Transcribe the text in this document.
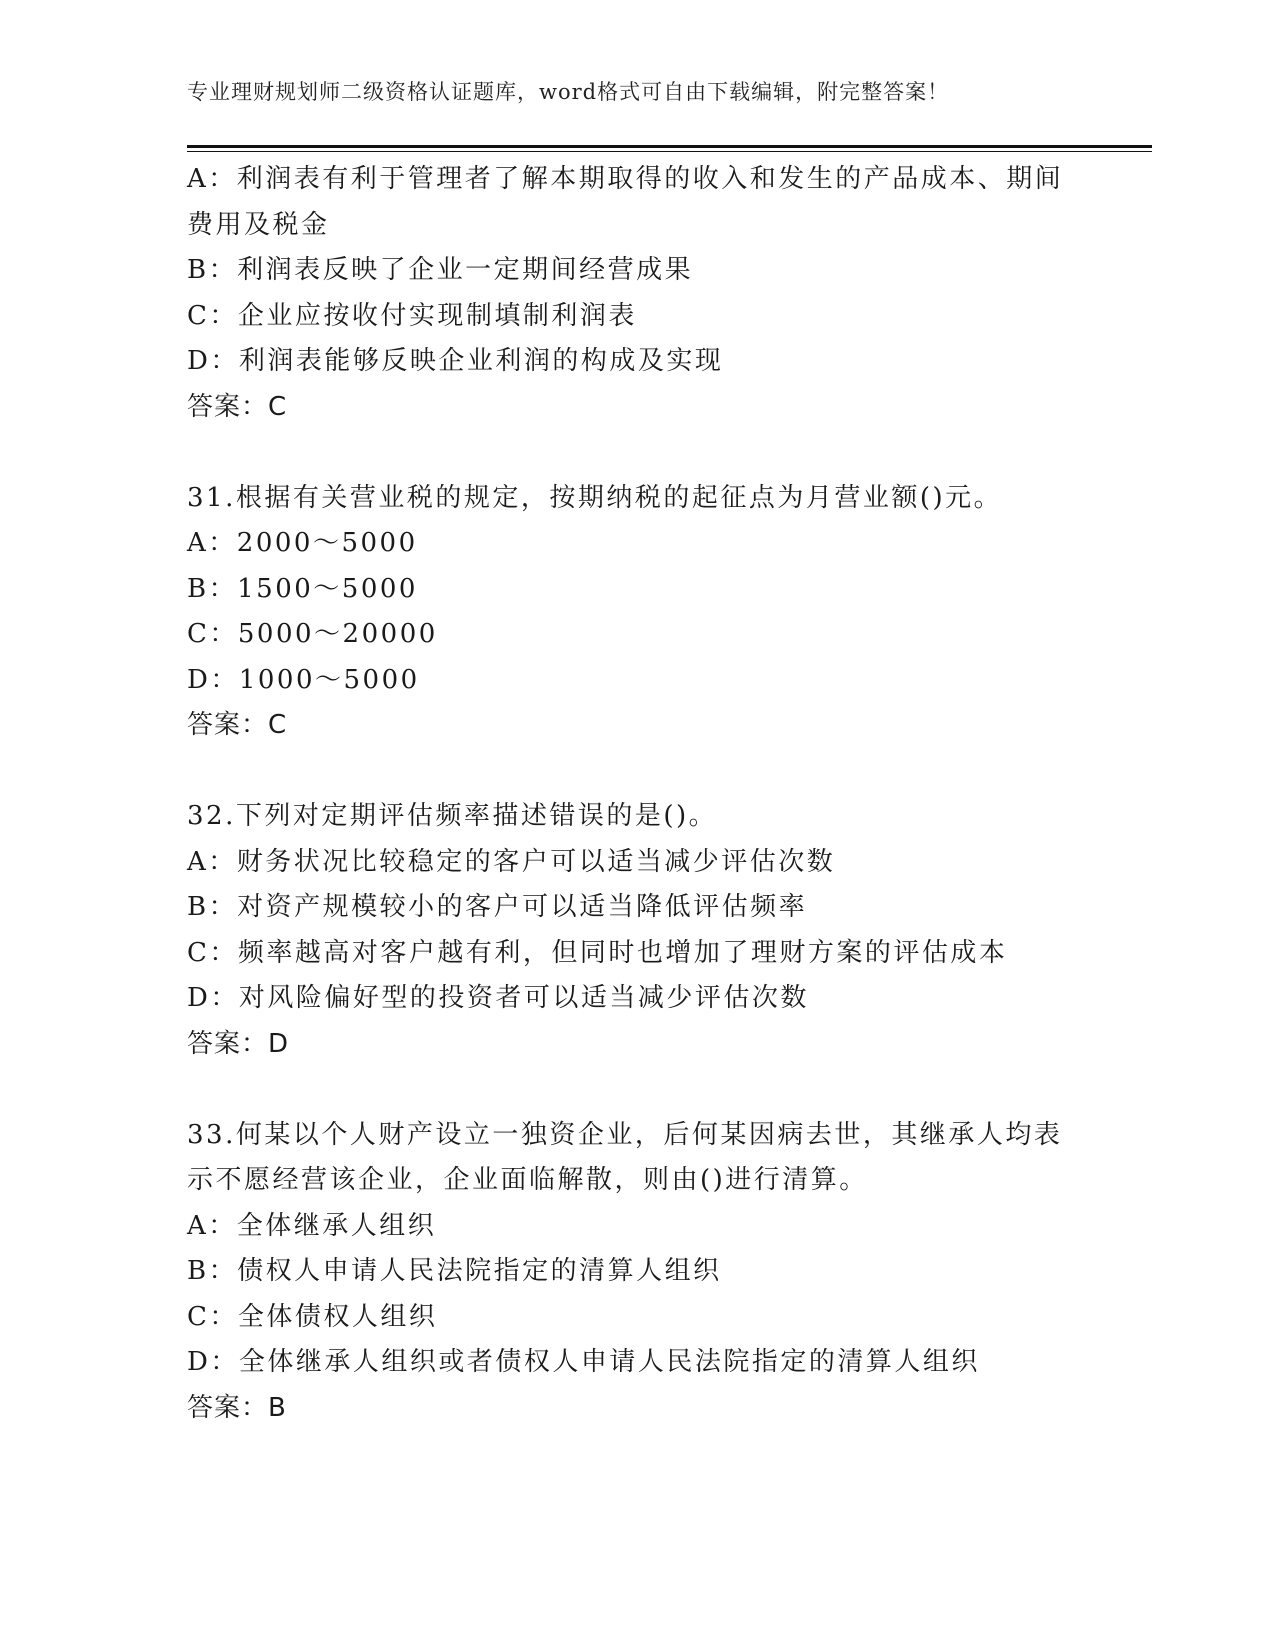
专业理财规划师二级资格认证题库，word格式可自由下载编辑，附完整答案！
A：利润表有利于管理者了解本期取得的收入和发生的产品成本、期间
费用及税金
B：利润表反映了企业一定期间经营成果
C：企业应按收付实现制填制利润表
D：利润表能够反映企业利润的构成及实现
答案：C
31.根据有关营业税的规定，按期纳税的起征点为月营业额()元。
A：2000～5000
B：1500～5000
C：5000～20000
D：1000～5000
答案：C
32.下列对定期评估频率描述错误的是()。
A：财务状况比较稳定的客户可以适当减少评估次数
B：对资产规模较小的客户可以适当降低评估频率
C：频率越高对客户越有利，但同时也增加了理财方案的评估成本
D：对风险偏好型的投资者可以适当减少评估次数
答案：D
33.何某以个人财产设立一独资企业，后何某因病去世，其继承人均表
示不愿经营该企业，企业面临解散，则由()进行清算。
A：全体继承人组织
B：债权人申请人民法院指定的清算人组织
C：全体债权人组织
D：全体继承人组织或者债权人申请人民法院指定的清算人组织
答案：B
